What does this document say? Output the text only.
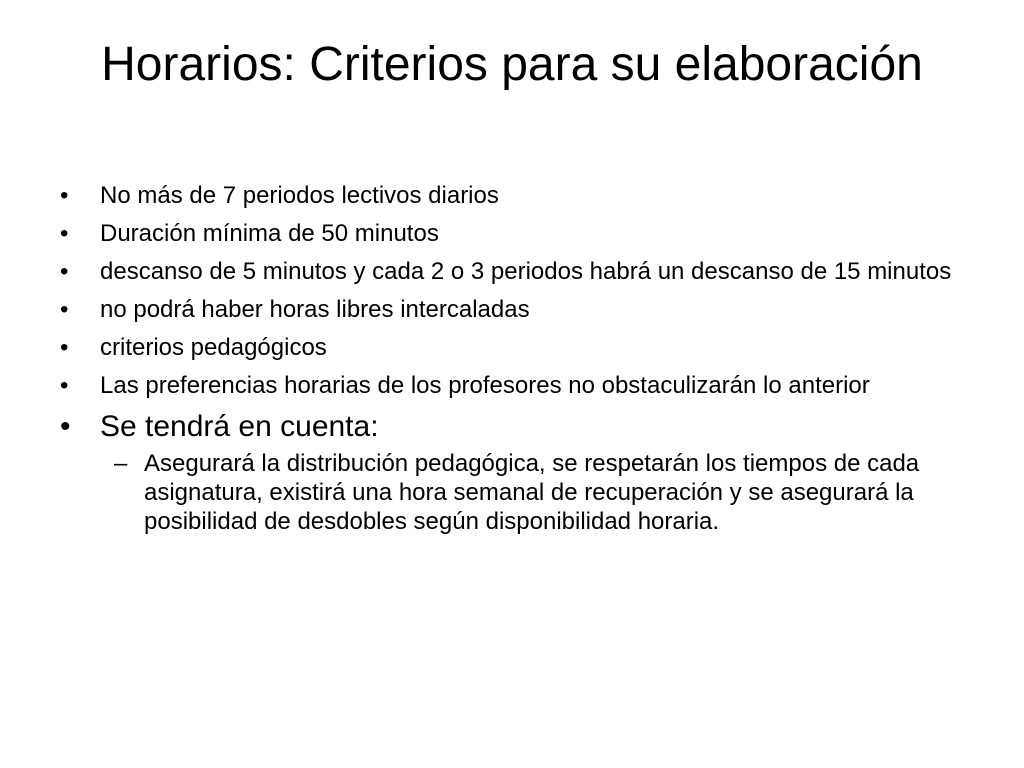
Horarios: Criterios para su elaboración
• No más de 7 periodos lectivos diarios
• Duración mínima de 50 minutos
• descanso de 5 minutos y cada 2 o 3 periodos habrá un descanso de 15 minutos
• no podrá haber horas libres intercaladas
• criterios pedagógicos
• Las preferencias horarias de los profesores no obstaculizarán lo anterior
• Se tendrá en cuenta:
– Asegurará la distribución pedagógica, se respetarán los tiempos de cada asignatura, existirá una hora semanal de recuperación y se asegurará la posibilidad de desdobles según disponibilidad horaria.
